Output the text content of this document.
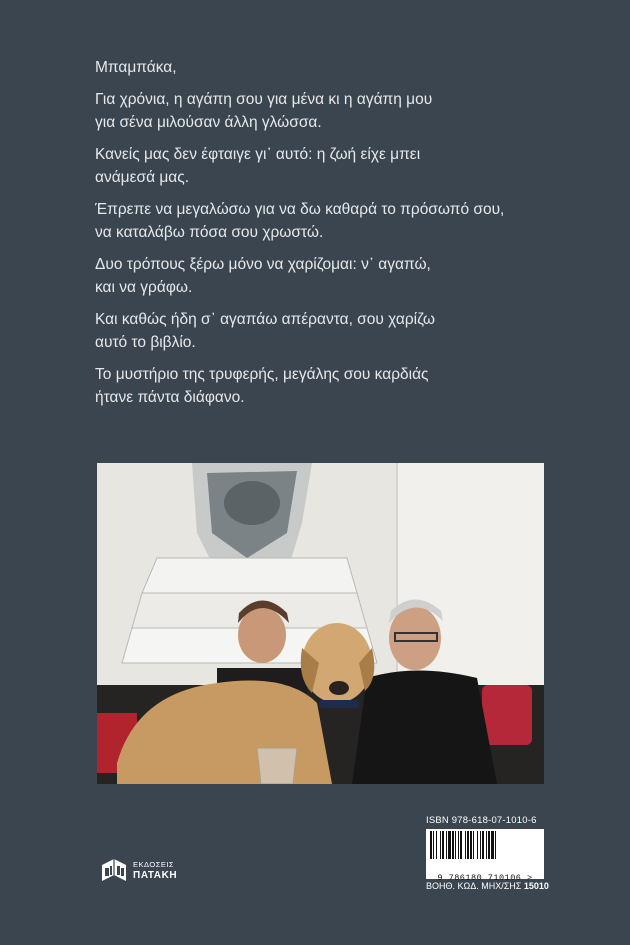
Μπαμπάκα,

Για χρόνια, η αγάπη σου για μένα κι η αγάπη μου
για σένα μιλούσαν άλλη γλώσσα.

Κανείς μας δεν έφταιγε γι᾽ αυτό: η ζωή είχε μπει
ανάμεσά μας.

Έπρεπε να μεγαλώσω για να δω καθαρά το πρόσωπό σου,
να καταλάβω πόσα σου χρωστώ.

Δυο τρόπους ξέρω μόνο να χαρίζομαι: ν᾽ αγαπώ,
και να γράφω.

Και καθώς ήδη σ᾽ αγαπάω απέραντα, σου χαρίζω
αυτό το βιβλίο.

Το μυστήριο της τρυφερής, μεγάλης σου καρδιάς
ήτανε πάντα διάφανο.

ISBN 978-618-07-1010-6
9 786180 710106 >
ΒΟΗΘ. ΚΩΔ. ΜΗΧ/ΣΗΣ 15010
ΕΚΔΟΣΕΙΣ
ΠΑΤΑΚΗ
